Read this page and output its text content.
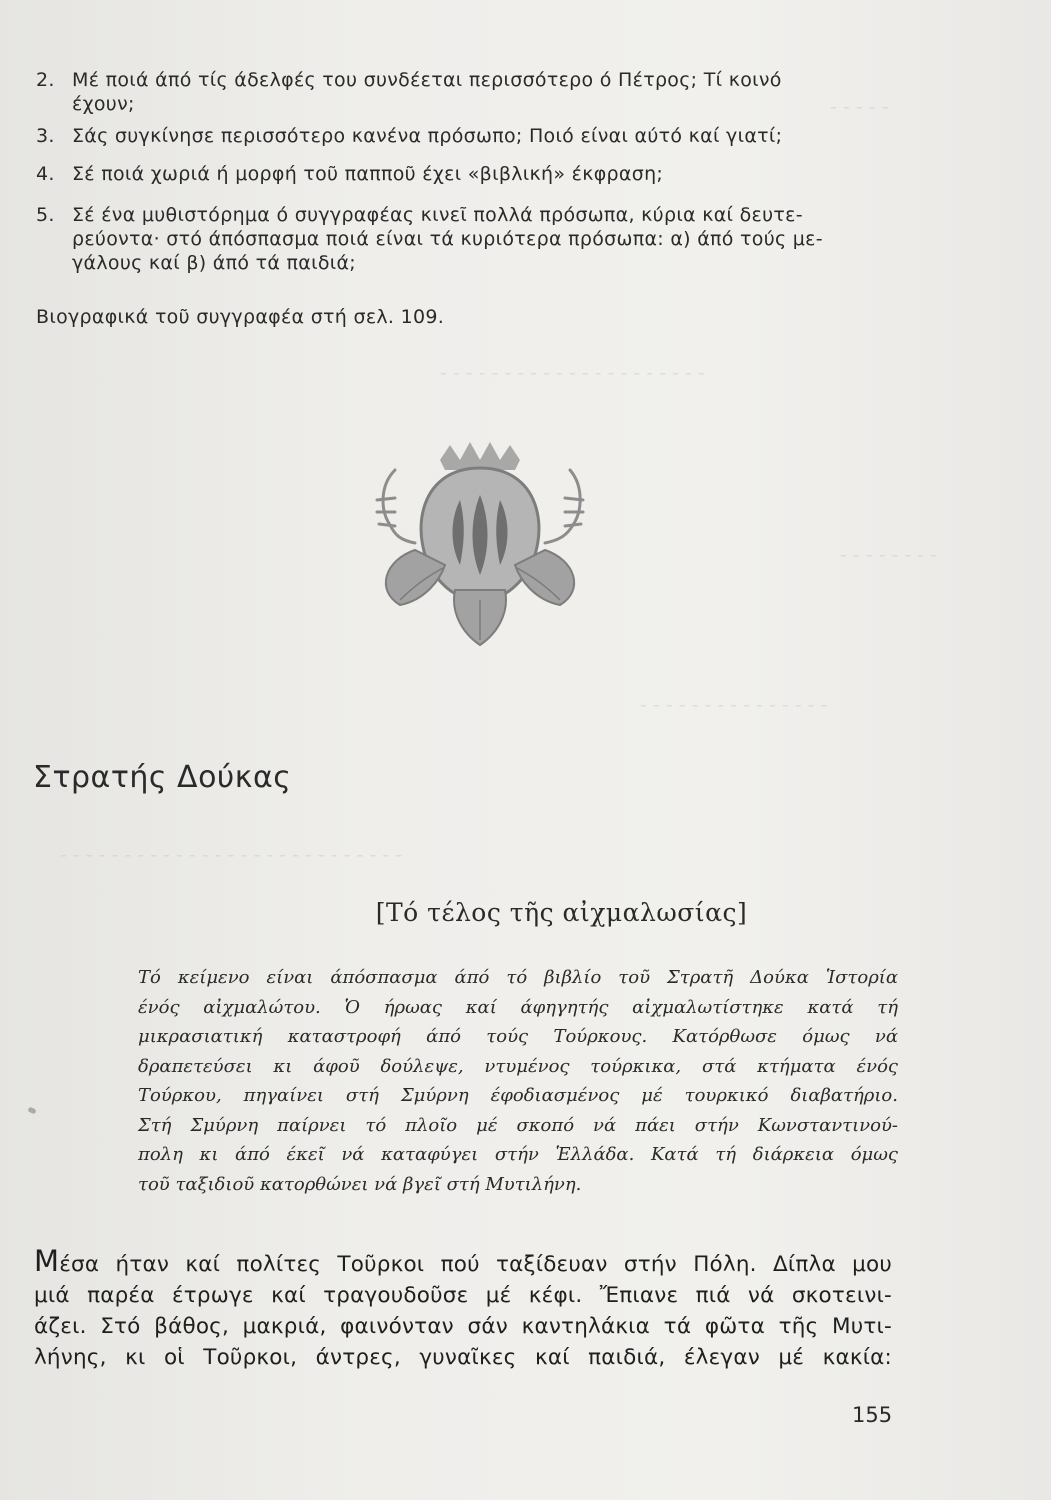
- - - - -
- - - - - - - - - - - - - - - - - - - - -
- - - - - - - -
- - - - - - - - - - - - - - -
- - - - - - - - - - - - - - - - - - - - - - - - - - -
2. Μέ ποιά άπό τίς άδελφές του συνδέεται περισσότερο ό Πέτρος; Τί κοινό
έχουν;
3. Σάς συγκίνησε περισσότερο κανένα πρόσωπο; Ποιό είναι αύτό καί γιατί;
4. Σέ ποιά χωριά ή μορφή τοῦ παπποῦ έχει «βιβλική» έκφραση;
5. Σέ ένα μυθιστόρημα ό συγγραφέας κινεῖ πολλά πρόσωπα, κύρια καί δευτε-
ρεύοντα· στό άπόσπασμα ποιά είναι τά κυριότερα πρόσωπα: α) άπό τούς με-
γάλους καί β) άπό τά παιδιά;
Βιογραφικά τοῦ συγγραφέα στή σελ. 109.
Στρατής Δούκας
[Τό τέλος τῆς αἰχμαλωσίας]
Τό κείμενο είναι άπόσπασμα άπό τό βιβλίο τοῦ Στρατῆ Δούκα Ἱστορία
ένός αἰχμαλώτου. Ὁ ήρωας καί άφηγητής αἰχμαλωτίστηκε κατά τή
μικρασιατική καταστροφή άπό τούς Τούρκους. Κατόρθωσε όμως νά
δραπετεύσει κι άφοῦ δούλεψε, ντυμένος τούρκικα, στά κτήματα ένός
Τούρκου, πηγαίνει στή Σμύρνη έφοδιασμένος μέ τουρκικό διαβατήριο.
Στή Σμύρνη παίρνει τό πλοῖο μέ σκοπό νά πάει στήν Κωνσταντινού-
πολη κι άπό έκεῖ νά καταφύγει στήν Ἑλλάδα. Κατά τή διάρκεια όμως
τοῦ ταξιδιοῦ κατορθώνει νά βγεῖ στή Μυτιλήνη.
Μέσα ήταν καί πολίτες Τοῦρκοι πού ταξίδευαν στήν Πόλη. Δίπλα μου
μιά παρέα έτρωγε καί τραγουδοῦσε μέ κέφι. Ἔπιανε πιά νά σκοτεινι-
άζει. Στό βάθος, μακριά, φαινόνταν σάν καντηλάκια τά φῶτα τῆς Μυτι-
λήνης, κι οἱ Τοῦρκοι, άντρες, γυναῖκες καί παιδιά, έλεγαν μέ κακία:
155
